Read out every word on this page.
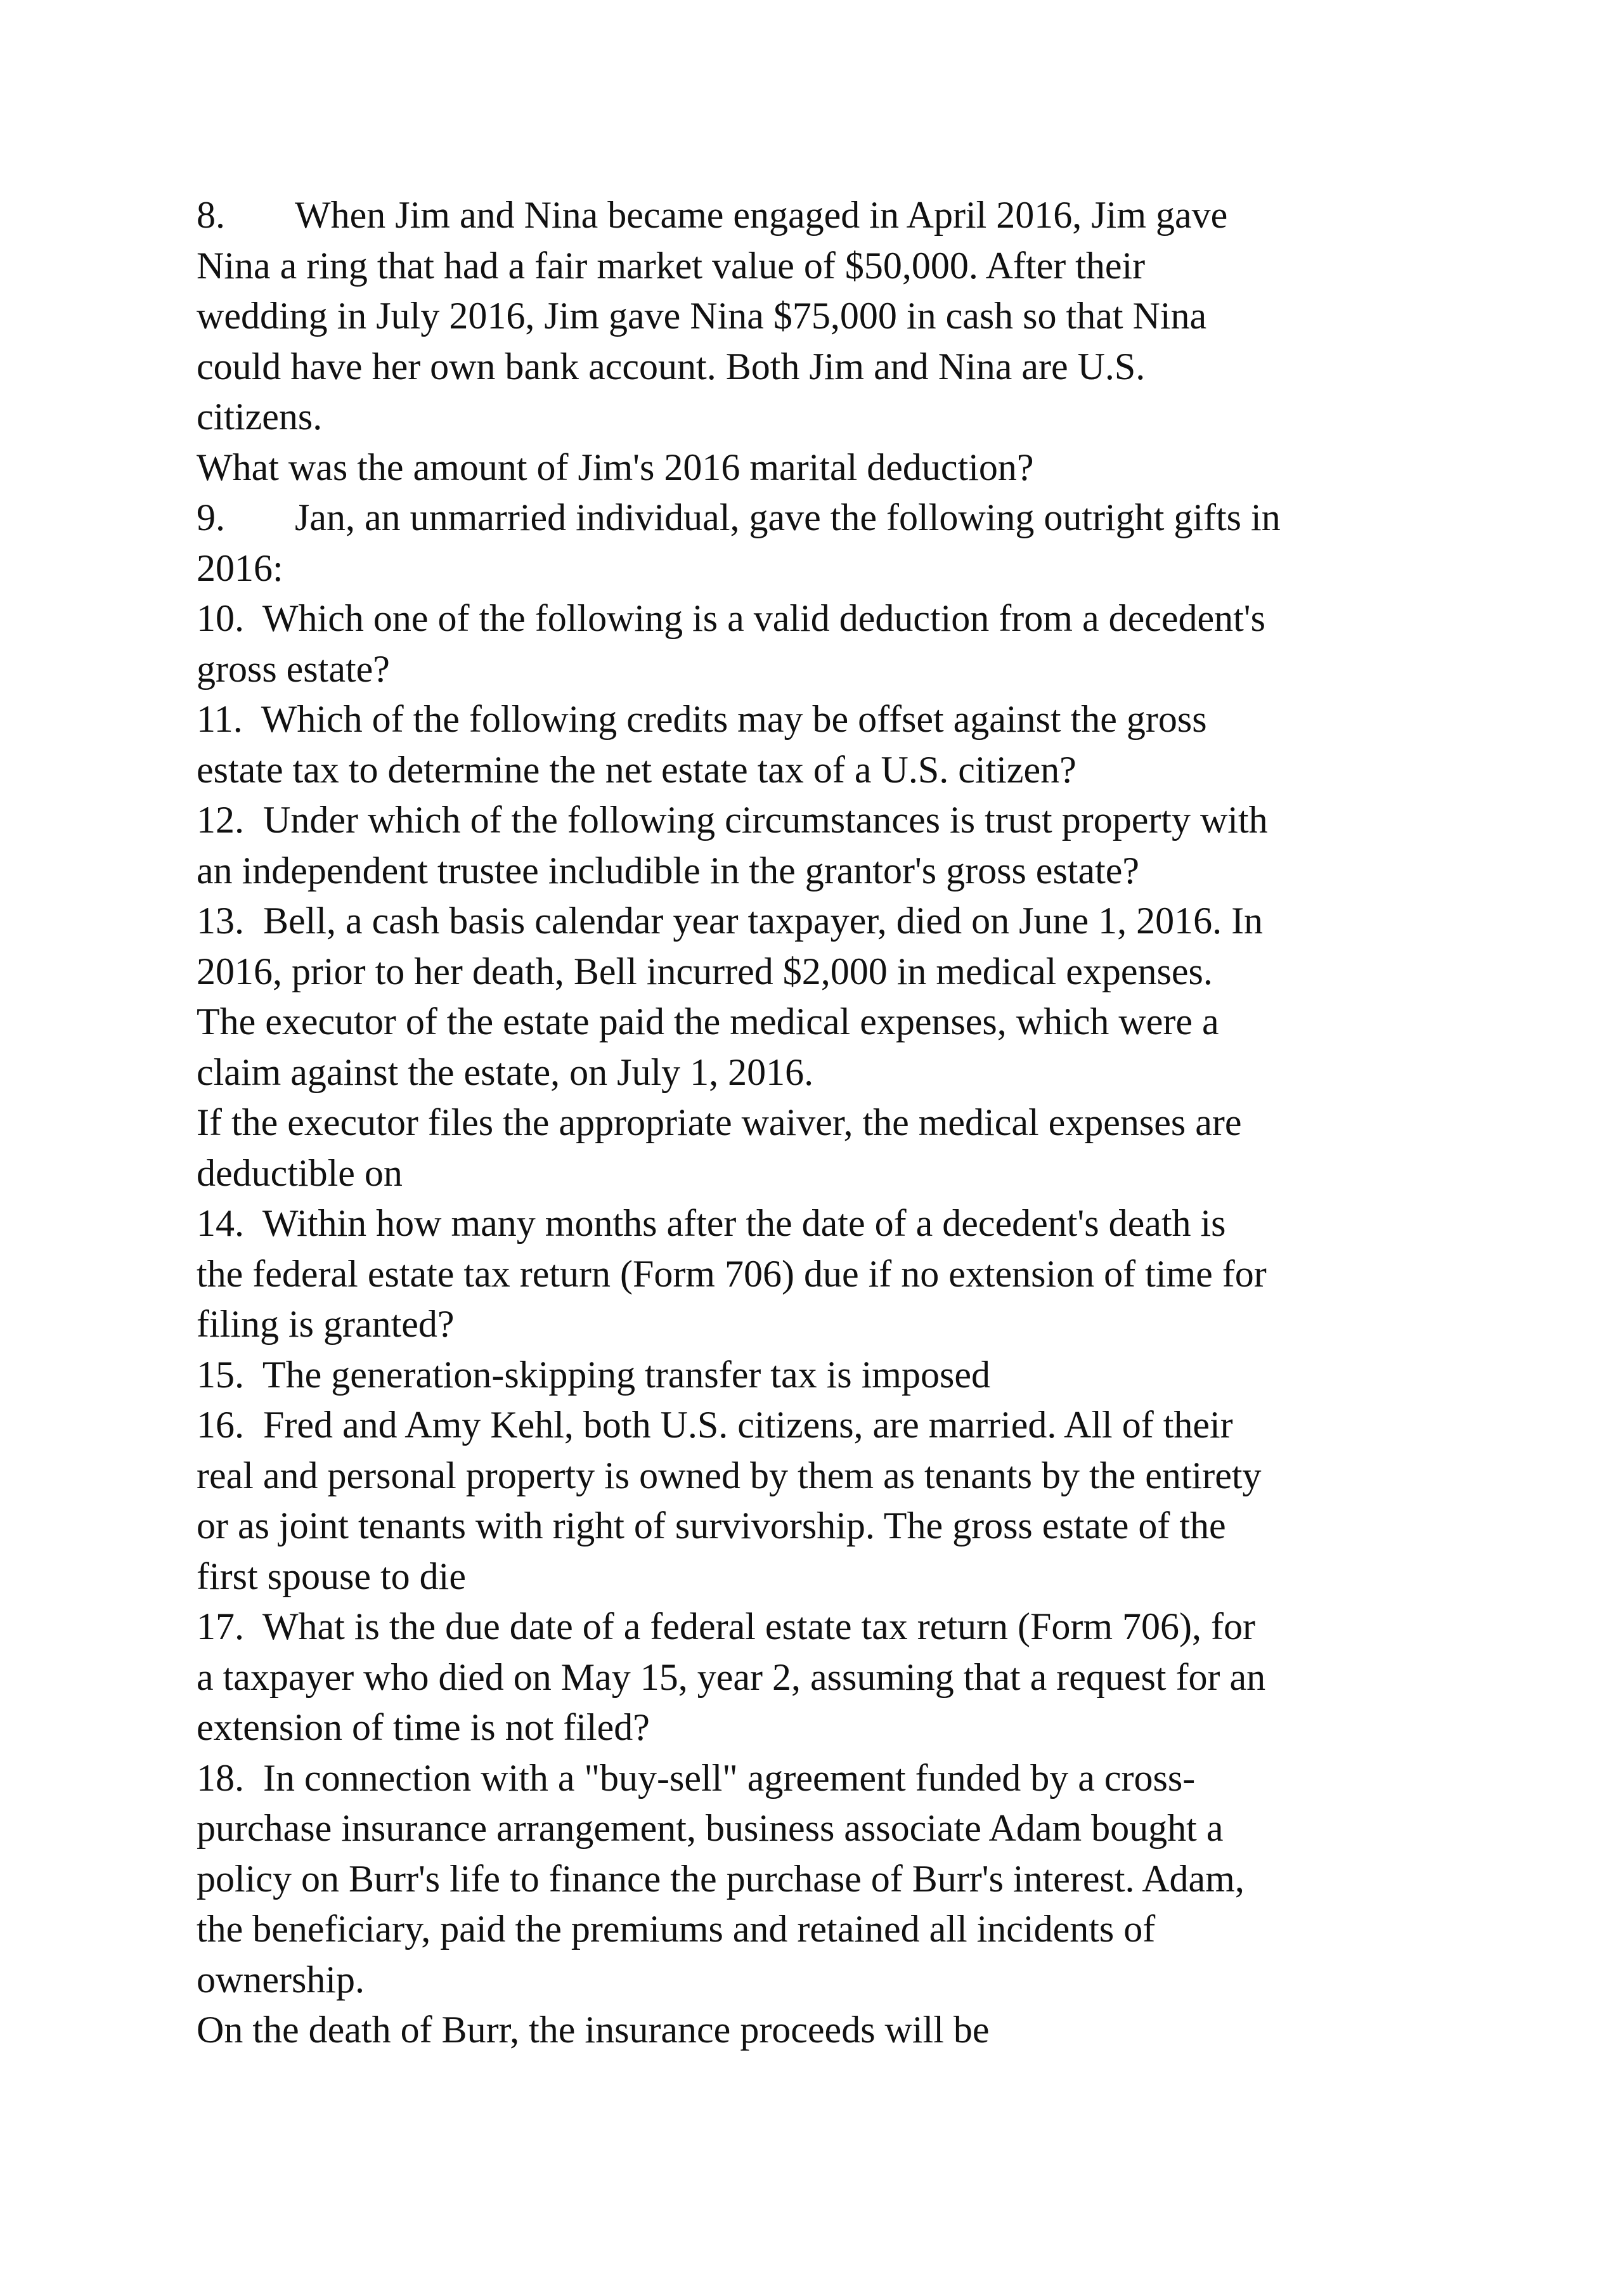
8. When Jim and Nina became engaged in April 2016, Jim gave
Nina a ring that had a fair market value of $50,000. After their
wedding in July 2016, Jim gave Nina $75,000 in cash so that Nina
could have her own bank account. Both Jim and Nina are U.S.
citizens.
What was the amount of Jim's 2016 marital deduction?
9. Jan, an unmarried individual, gave the following outright gifts in
2016:
10. Which one of the following is a valid deduction from a decedent's
gross estate?
11. Which of the following credits may be offset against the gross
estate tax to determine the net estate tax of a U.S. citizen?
12. Under which of the following circumstances is trust property with
an independent trustee includible in the grantor's gross estate?
13. Bell, a cash basis calendar year taxpayer, died on June 1, 2016. In
2016, prior to her death, Bell incurred $2,000 in medical expenses.
The executor of the estate paid the medical expenses, which were a
claim against the estate, on July 1, 2016.
If the executor files the appropriate waiver, the medical expenses are
deductible on
14. Within how many months after the date of a decedent's death is
the federal estate tax return (Form 706) due if no extension of time for
filing is granted?
15. The generation-skipping transfer tax is imposed
16. Fred and Amy Kehl, both U.S. citizens, are married. All of their
real and personal property is owned by them as tenants by the entirety
or as joint tenants with right of survivorship. The gross estate of the
first spouse to die
17. What is the due date of a federal estate tax return (Form 706), for
a taxpayer who died on May 15, year 2, assuming that a request for an
extension of time is not filed?
18. In connection with a "buy-sell" agreement funded by a cross-
purchase insurance arrangement, business associate Adam bought a
policy on Burr's life to finance the purchase of Burr's interest. Adam,
the beneficiary, paid the premiums and retained all incidents of
ownership.
On the death of Burr, the insurance proceeds will be
